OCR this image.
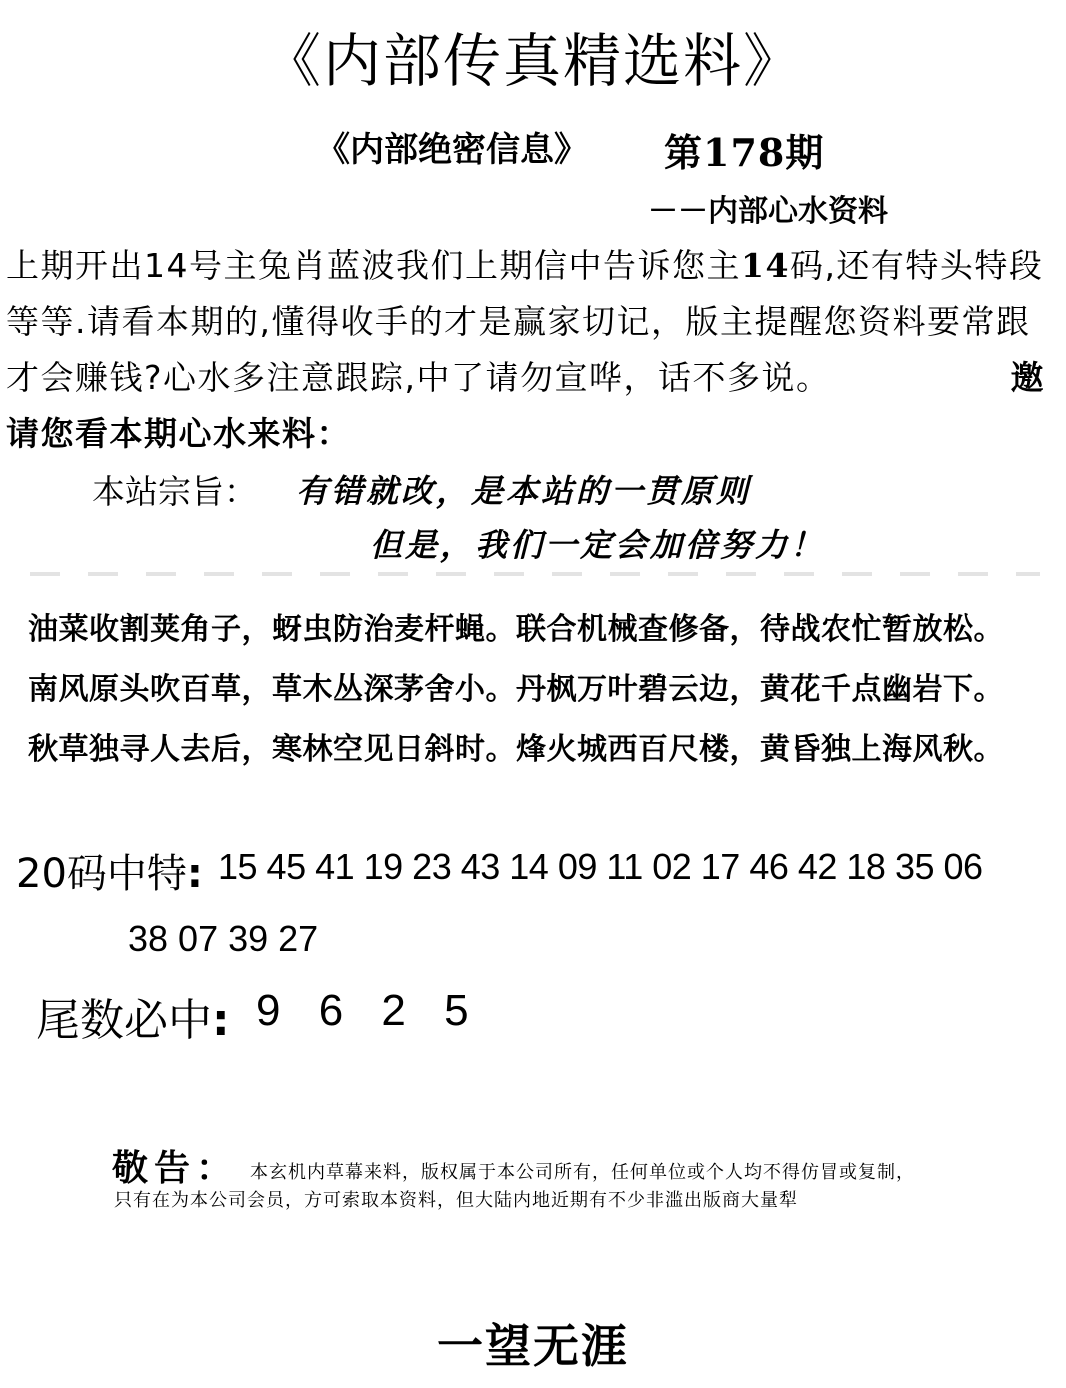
《内部传真精选料》
《内部绝密信息》 第178期
－－内部心水资料
上期开出14号主兔肖蓝波我们上期信中告诉您主14码,还有特头特段等等.请看本期的,懂得收手的才是赢家切记，版主提醒您资料要常跟才会赚钱?心水多注意跟踪,中了请勿宣哗，话不多说。	邀请您看本期心水来料：
本站宗旨： 有错就改，是本站的一贯原则
但是，我们一定会加倍努力！
油菜收割荚角子，蚜虫防治麦杆蝇。联合机械查修备，待战农忙暂放松。
南风原头吹百草，草木丛深茅舍小。丹枫万叶碧云边，黄花千点幽岩下。
秋草独寻人去后，寒林空见日斜时。烽火城西百尺楼，黄昏独上海风秋。
20码中特: 15 45 41 19 23 43 14 09 11 02 17 46 42 18 35 06
38 07 39 27
尾数必中: 9 6 2 5
敬告： 本玄机内草幕来料，版权属于本公司所有，任何单位或个人均不得仿冒或复制，
只有在为本公司会员，方可索取本资料，但大陆内地近期有不少非滥出版商大量犁
一望无涯
